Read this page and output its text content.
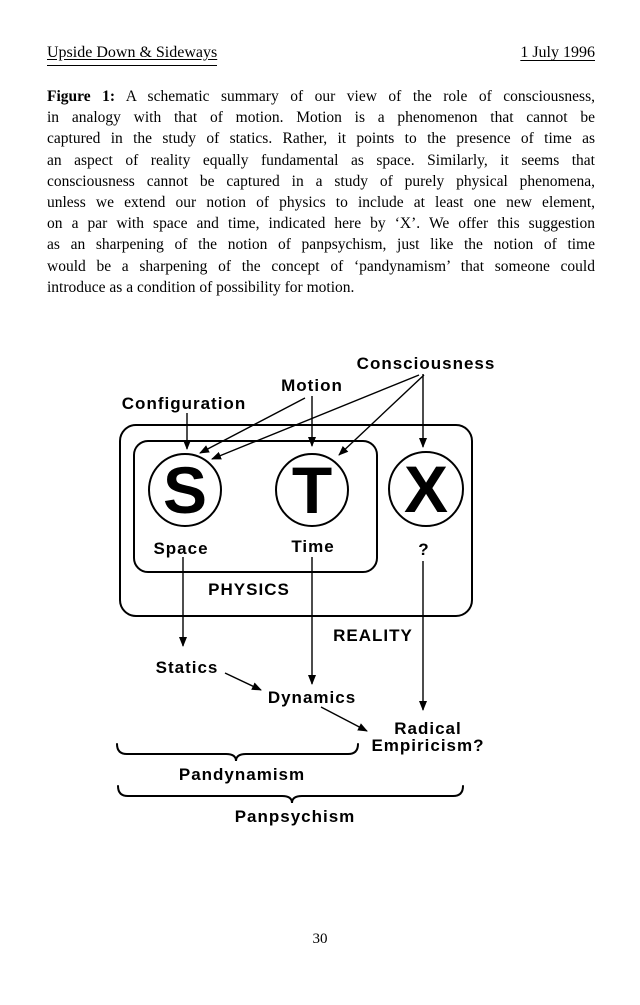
Upside Down & Sideways	1 July 1996
Figure 1: A schematic summary of our view of the role of consciousness,
in analogy with that of motion. Motion is a phenomenon that cannot be
captured in the study of statics. Rather, it points to the presence of time as
an aspect of reality equally fundamental as space. Similarly, it seems that
consciousness cannot be captured in a study of purely physical phenomena,
unless we extend our notion of physics to include at least one new element,
on a par with space and time, indicated here by ‘X’. We offer this suggestion
as an sharpening of the notion of panpsychism, just like the notion of time
would be a sharpening of the concept of ‘pandynamism’ that someone could
introduce as a condition of possibility for motion.
Consciousness
Motion
Configuration
S T X
Space	Time	?
PHYSICS
REALITY
Statics
Dynamics
Radical
Empiricism?
Pandynamism
Panpsychism
30
